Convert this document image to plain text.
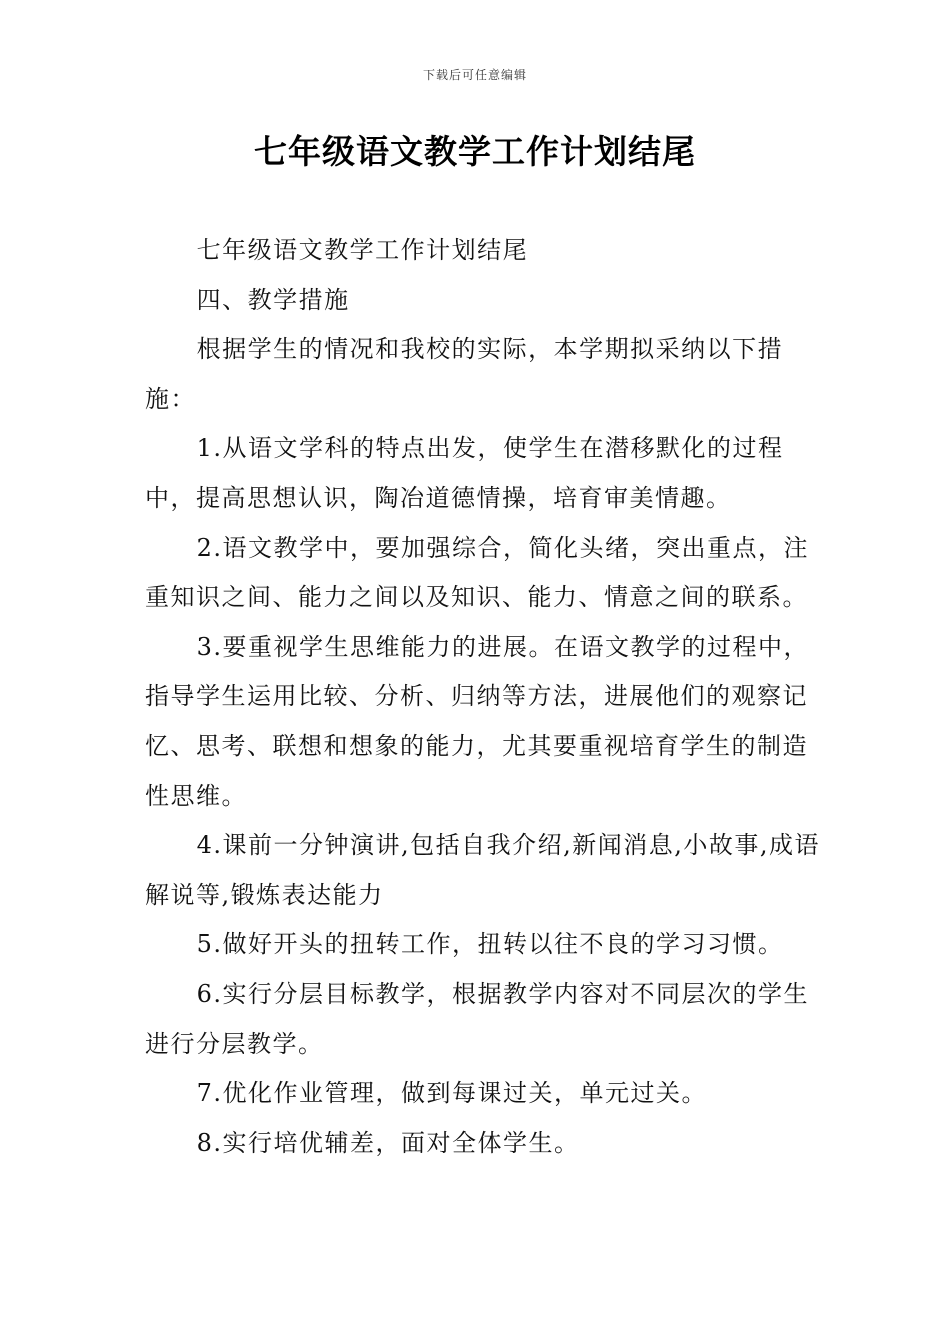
下载后可任意编辑
七年级语文教学工作计划结尾

七年级语文教学工作计划结尾

四、教学措施

根据学生的情况和我校的实际，本学期拟采纳以下措施：

1.从语文学科的特点出发，使学生在潜移默化的过程中，提高思想认识，陶冶道德情操，培育审美情趣。

2.语文教学中，要加强综合，简化头绪，突出重点，注重知识之间、能力之间以及知识、能力、情意之间的联系。

3.要重视学生思维能力的进展。在语文教学的过程中，指导学生运用比较、分析、归纳等方法，进展他们的观察记忆、思考、联想和想象的能力，尤其要重视培育学生的制造性思维。

4.课前一分钟演讲,包括自我介绍,新闻消息,小故事,成语解说等,锻炼表达能力

5.做好开头的扭转工作，扭转以往不良的学习习惯。

6.实行分层目标教学，根据教学内容对不同层次的学生进行分层教学。

7.优化作业管理，做到每课过关，单元过关。

8.实行培优辅差，面对全体学生。
